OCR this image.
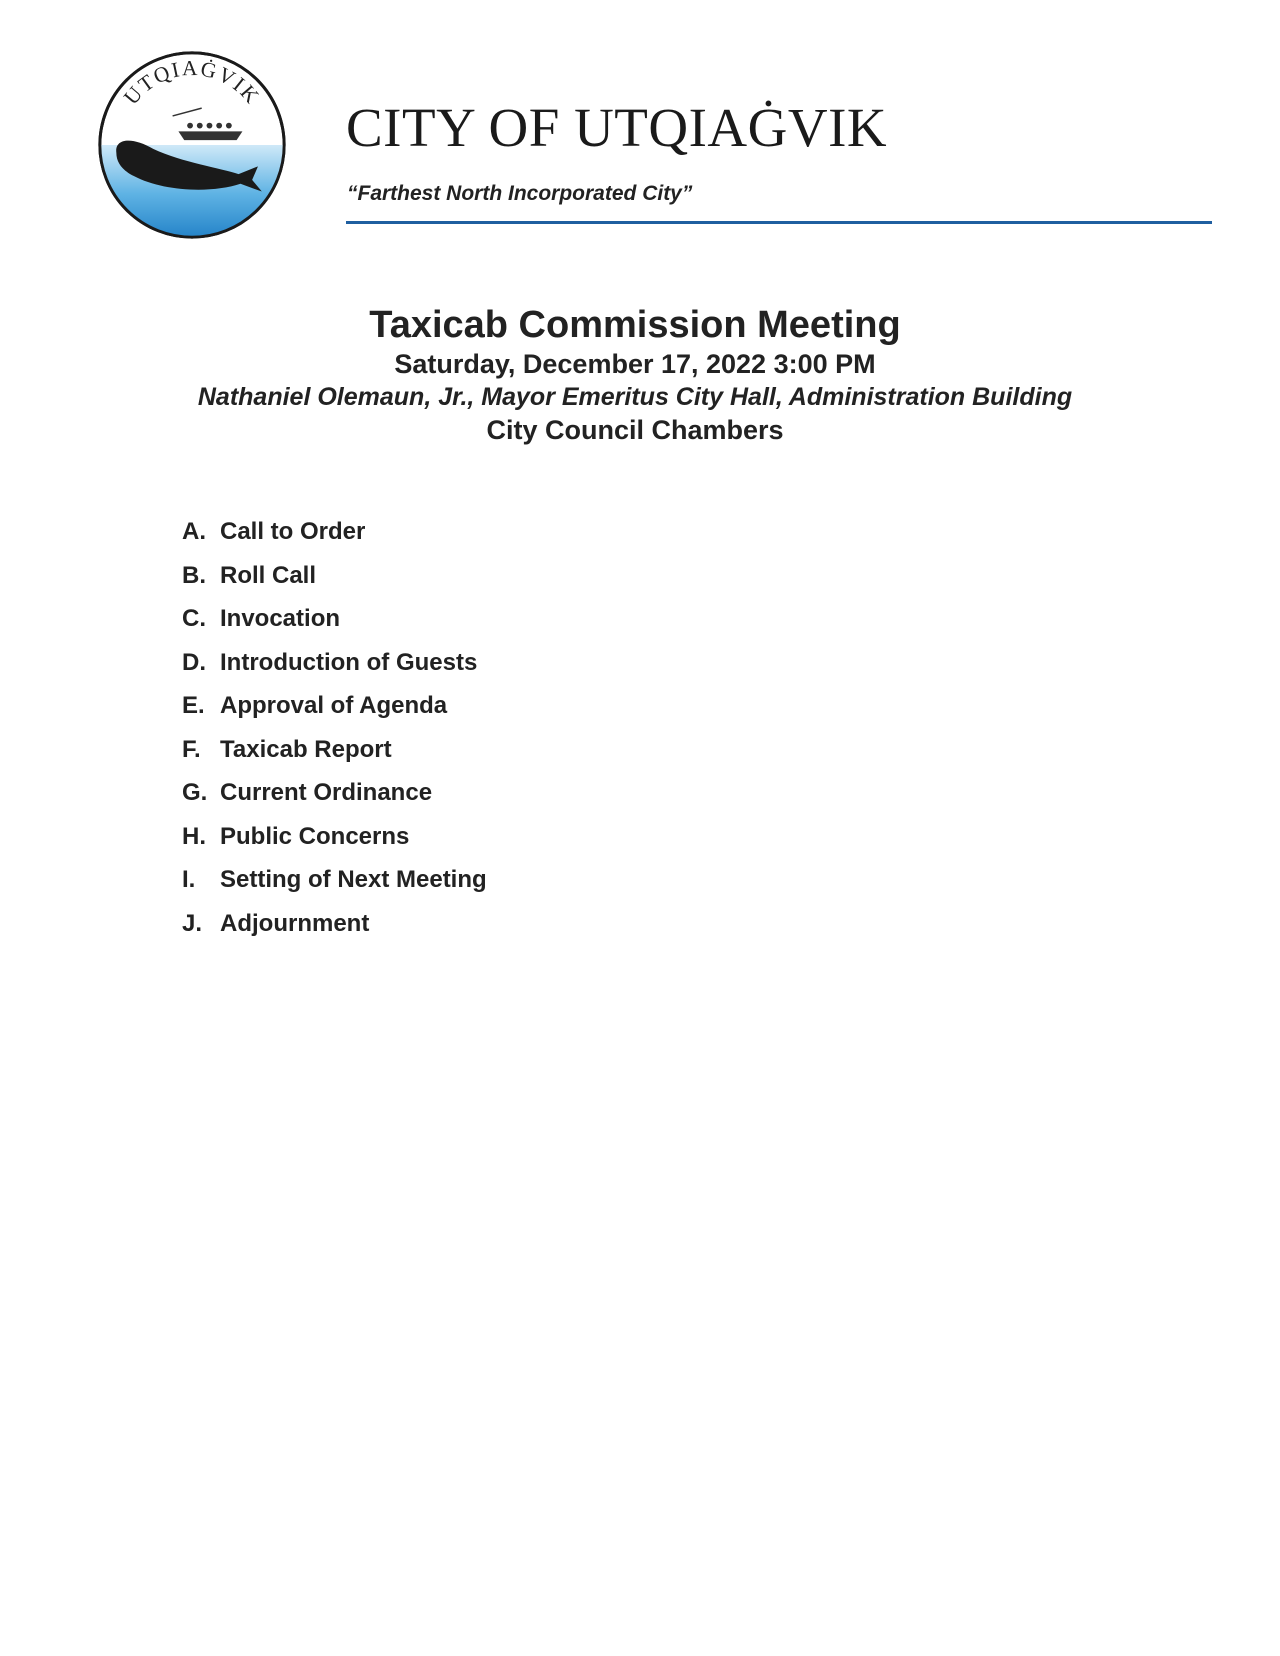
UTQIAĠVIK
CITY OF UTQIAĠVIK
“Farthest North Incorporated City”
Taxicab Commission Meeting
Saturday, December 17, 2022 3:00 PM
Nathaniel Olemaun, Jr., Mayor Emeritus City Hall, Administration Building
City Council Chambers
A. Call to Order
B. Roll Call
C. Invocation
D. Introduction of Guests
E. Approval of Agenda
F. Taxicab Report
G. Current Ordinance
H. Public Concerns
I.	Setting of Next Meeting
J. Adjournment
